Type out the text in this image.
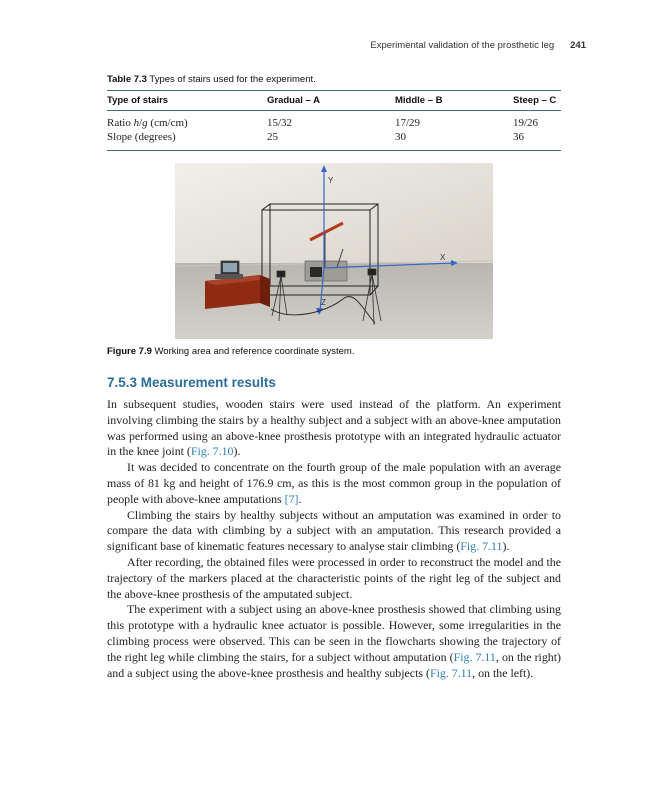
Experimental validation of the prosthetic leg 241
Table 7.3 Types of stairs used for the experiment.
Type of stairs	Gradual – A	Middle – B	Steep – C
Ratio h/g (cm/cm)	15/32	17/29	19/26
Slope (degrees)	25	30	36
Y
X
Z
Figure 7.9 Working area and reference coordinate system.
7.5.3 Measurement results

In subsequent studies, wooden stairs were used instead of the platform. An experiment involving climbing the stairs by a healthy subject and a subject with an above-knee amputation was performed using an above-knee prosthesis prototype with an integrated hydraulic actuator in the knee joint (Fig. 7.10).

It was decided to concentrate on the fourth group of the male population with an average mass of 81 kg and height of 176.9 cm, as this is the most common group in the population of people with above-knee amputations [7].

Climbing the stairs by healthy subjects without an amputation was examined in order to compare the data with climbing by a subject with an amputation. This research provided a significant base of kinematic features necessary to analyse stair climbing (Fig. 7.11).

After recording, the obtained files were processed in order to reconstruct the model and the trajectory of the markers placed at the characteristic points of the right leg of the subject and the above-knee prosthesis of the amputated subject.

The experiment with a subject using an above-knee prosthesis showed that climbing using this prototype with a hydraulic knee actuator is possible. However, some irregularities in the climbing process were observed. This can be seen in the flowcharts showing the trajectory of the right leg while climbing the stairs, for a subject without amputation (Fig. 7.11, on the right) and a subject using the above-knee prosthesis and healthy subjects (Fig. 7.11, on the left).
